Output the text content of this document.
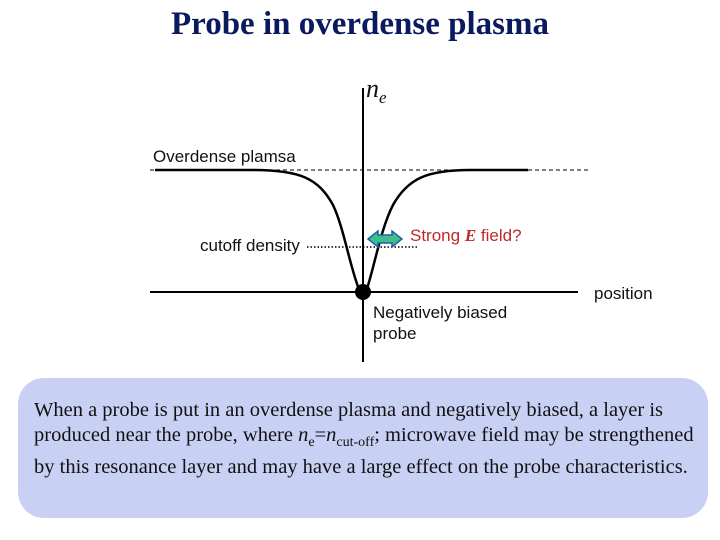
Probe in overdense plasma
$n_e$
Overdense plamsa
cutoff density
Strong E field?
position
Negatively biased
probe

When a probe is put in an overdense plasma and negatively biased, a layer is produced near the probe, where $n_e=n_{cut-off}$; microwave field may be strengthened by this resonance layer and may have a large effect on the probe characteristics.
